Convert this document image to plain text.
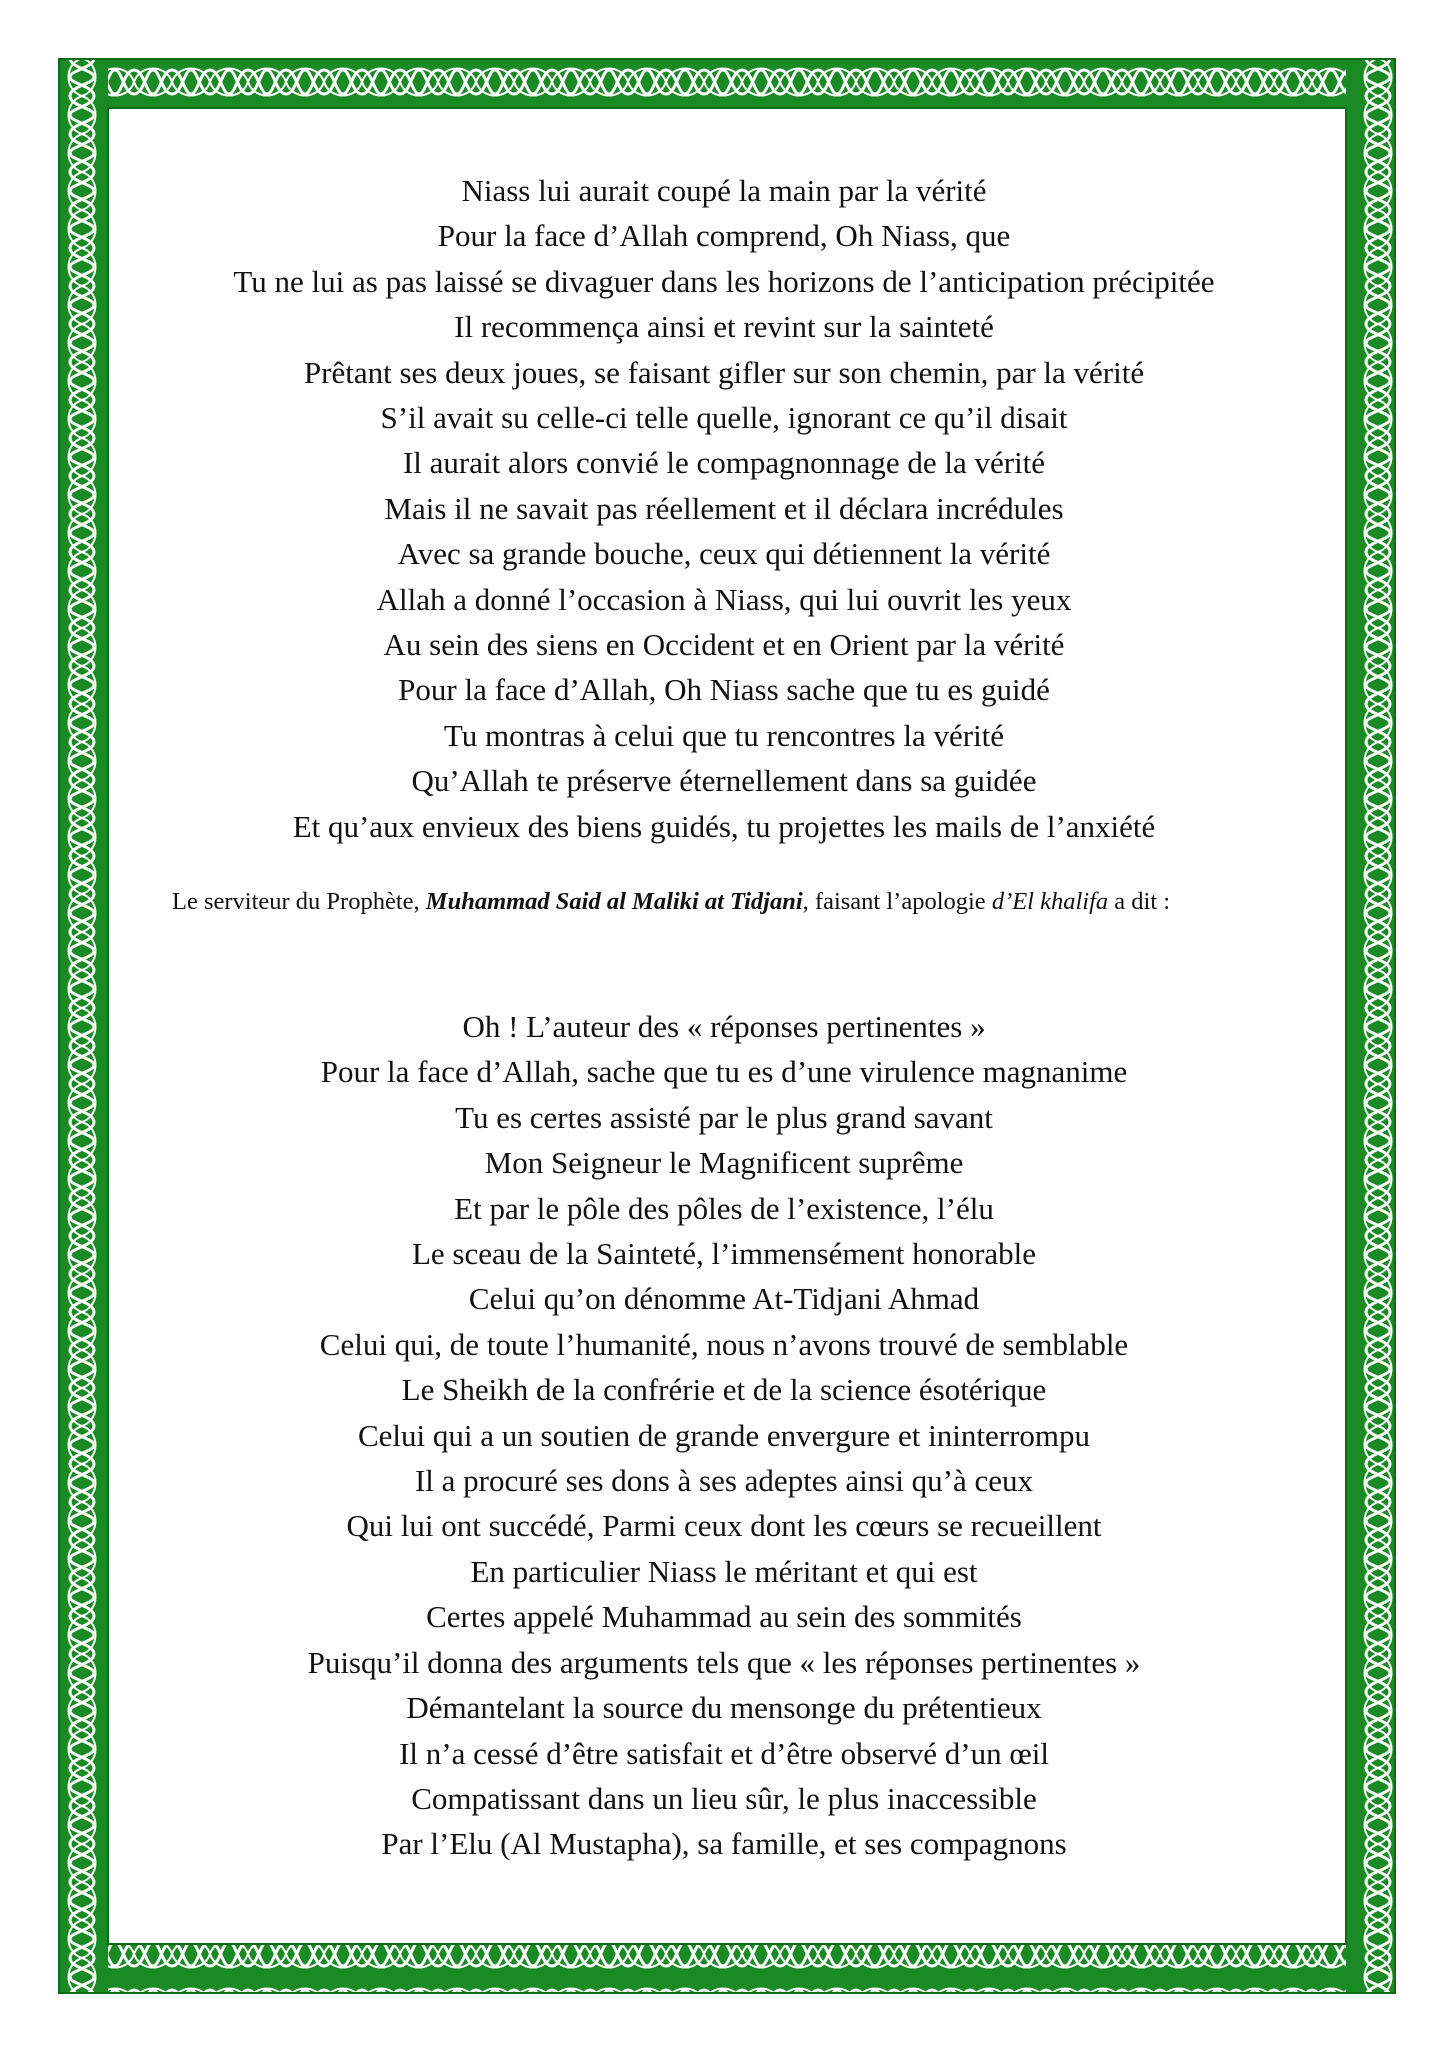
Niass lui aurait coupé la main par la vérité
Pour la face d’Allah comprend, Oh Niass, que
Tu ne lui as pas laissé se divaguer dans les horizons de l’anticipation précipitée
Il recommença ainsi et revint sur la sainteté
Prêtant ses deux joues, se faisant gifler sur son chemin, par la vérité
S’il avait su celle-ci telle quelle, ignorant ce qu’il disait
Il aurait alors convié le compagnonnage de la vérité
Mais il ne savait pas réellement et il déclara incrédules
Avec sa grande bouche, ceux qui détiennent la vérité
Allah a donné l’occasion à Niass, qui lui ouvrit les yeux
Au sein des siens en Occident et en Orient par la vérité
Pour la face d’Allah, Oh Niass sache que tu es guidé
Tu montras à celui que tu rencontres la vérité
Qu’Allah te préserve éternellement dans sa guidée
Et qu’aux envieux des biens guidés, tu projettes les mails de l’anxiété

Le serviteur du Prophète, Muhammad Said al Maliki at Tidjani, faisant l’apologie d’El khalifa a dit :

Oh ! L’auteur des « réponses pertinentes »
Pour la face d’Allah, sache que tu es d’une virulence magnanime
Tu es certes assisté par le plus grand savant
Mon Seigneur le Magnificent suprême
Et par le pôle des pôles de l’existence, l’élu
Le sceau de la Sainteté, l’immensément honorable
Celui qu’on dénomme At-Tidjani Ahmad
Celui qui, de toute l’humanité, nous n’avons trouvé de semblable
Le Sheikh de la confrérie et de la science ésotérique
Celui qui a un soutien de grande envergure et ininterrompu
Il a procuré ses dons à ses adeptes ainsi qu’à ceux
Qui lui ont succédé, Parmi ceux dont les cœurs se recueillent
En particulier Niass le méritant et qui est
Certes appelé Muhammad au sein des sommités
Puisqu’il donna des arguments tels que « les réponses pertinentes »
Démantelant la source du mensonge du prétentieux
Il n’a cessé d’être satisfait et d’être observé d’un œil
Compatissant dans un lieu sûr, le plus inaccessible
Par l’Elu (Al Mustapha), sa famille, et ses compagnons
